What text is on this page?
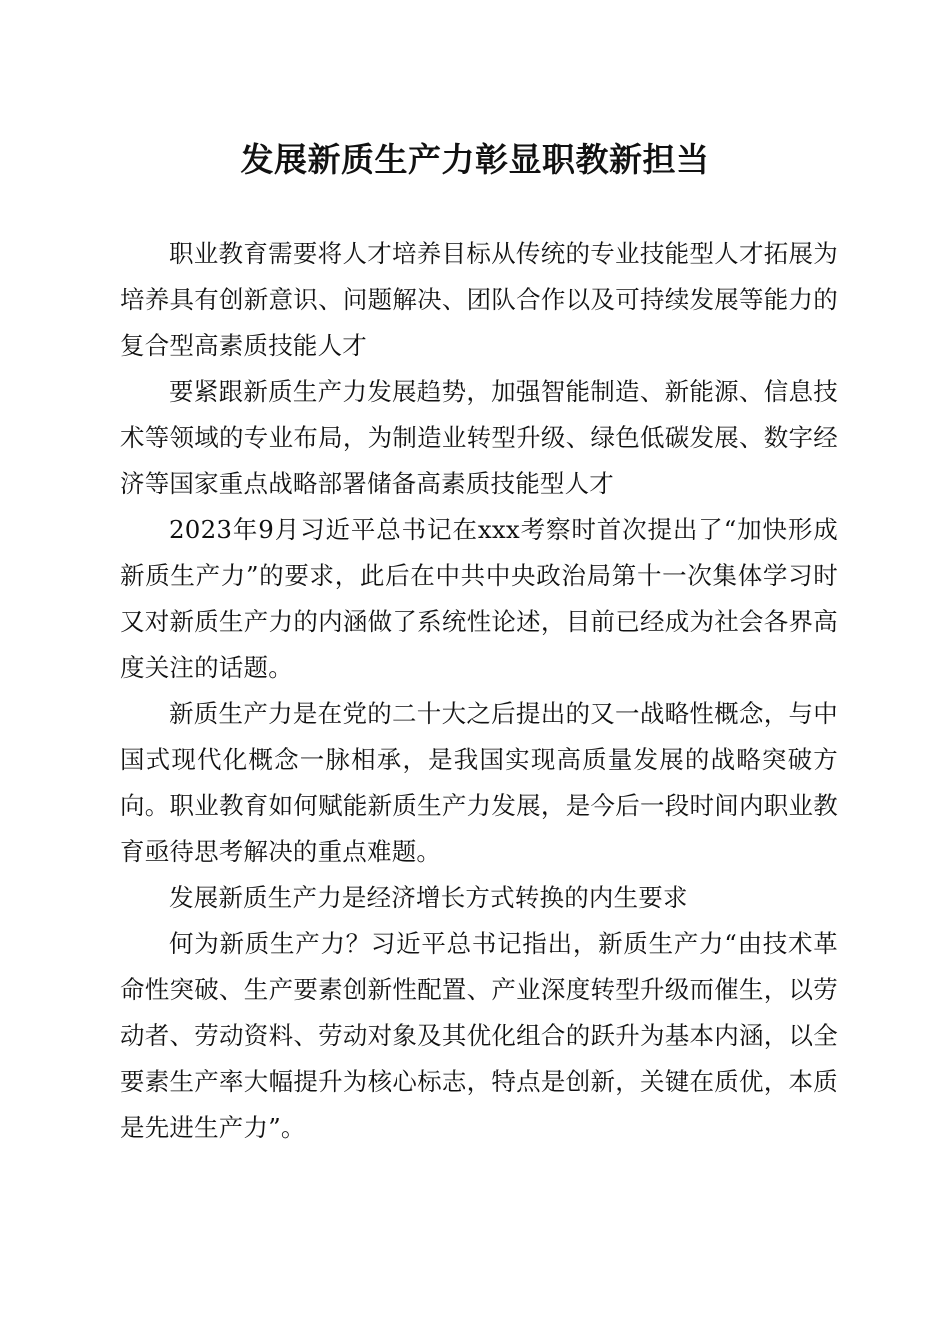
发展新质生产力彰显职教新担当

职业教育需要将人才培养目标从传统的专业技能型人才拓展为培养具有创新意识、问题解决、团队合作以及可持续发展等能力的复合型高素质技能人才

要紧跟新质生产力发展趋势，加强智能制造、新能源、信息技术等领域的专业布局，为制造业转型升级、绿色低碳发展、数字经济等国家重点战略部署储备高素质技能型人才

2023年9月习近平总书记在xxx考察时首次提出了“加快形成新质生产力”的要求，此后在中共中央政治局第十一次集体学习时又对新质生产力的内涵做了系统性论述，目前已经成为社会各界高度关注的话题。

新质生产力是在党的二十大之后提出的又一战略性概念，与中国式现代化概念一脉相承，是我国实现高质量发展的战略突破方向。职业教育如何赋能新质生产力发展，是今后一段时间内职业教育亟待思考解决的重点难题。

发展新质生产力是经济增长方式转换的内生要求

何为新质生产力？习近平总书记指出，新质生产力“由技术革命性突破、生产要素创新性配置、产业深度转型升级而催生，以劳动者、劳动资料、劳动对象及其优化组合的跃升为基本内涵，以全要素生产率大幅提升为核心标志，特点是创新，关键在质优，本质是先进生产力”。
